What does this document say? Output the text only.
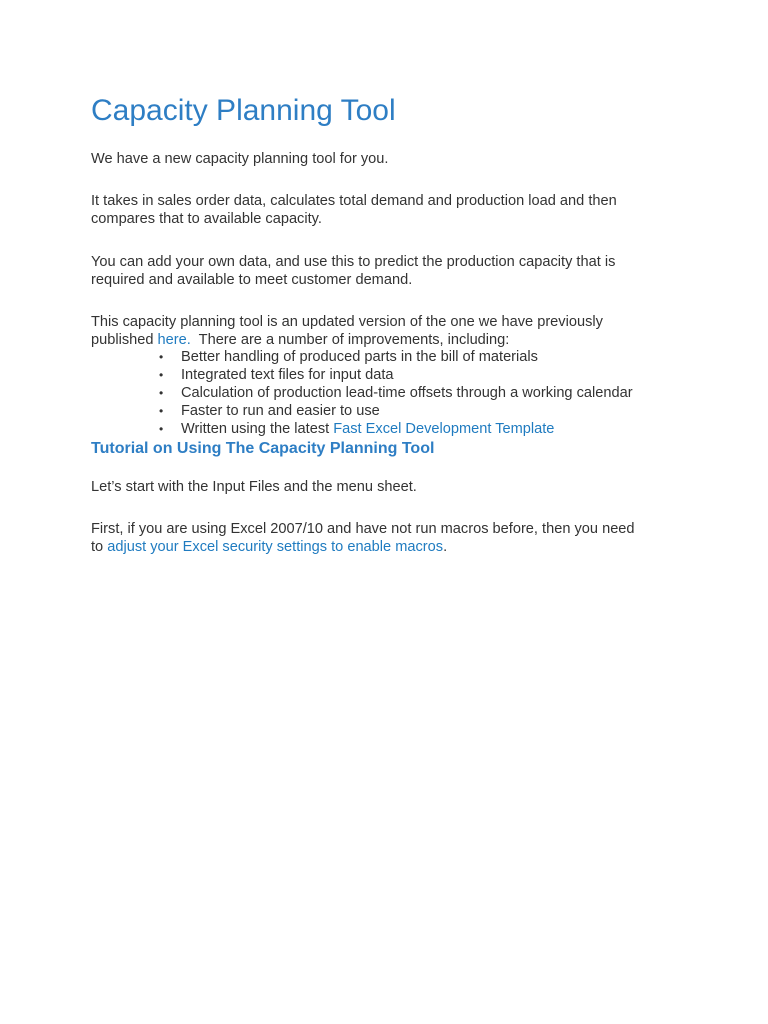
Capacity Planning Tool

We have a new capacity planning tool for you.

It takes in sales order data, calculates total demand and production load and then
compares that to available capacity.

You can add your own data, and use this to predict the production capacity that is
required and available to meet customer demand.

This capacity planning tool is an updated version of the one we have previously
published here.  There are a number of improvements, including:

• Better handling of produced parts in the bill of materials
• Integrated text files for input data
• Calculation of production lead-time offsets through a working calendar
• Faster to run and easier to use
• Written using the latest Fast Excel Development Template
Tutorial on Using The Capacity Planning Tool

Let’s start with the Input Files and the menu sheet.

First, if you are using Excel 2007/10 and have not run macros before, then you need
to adjust your Excel security settings to enable macros.
